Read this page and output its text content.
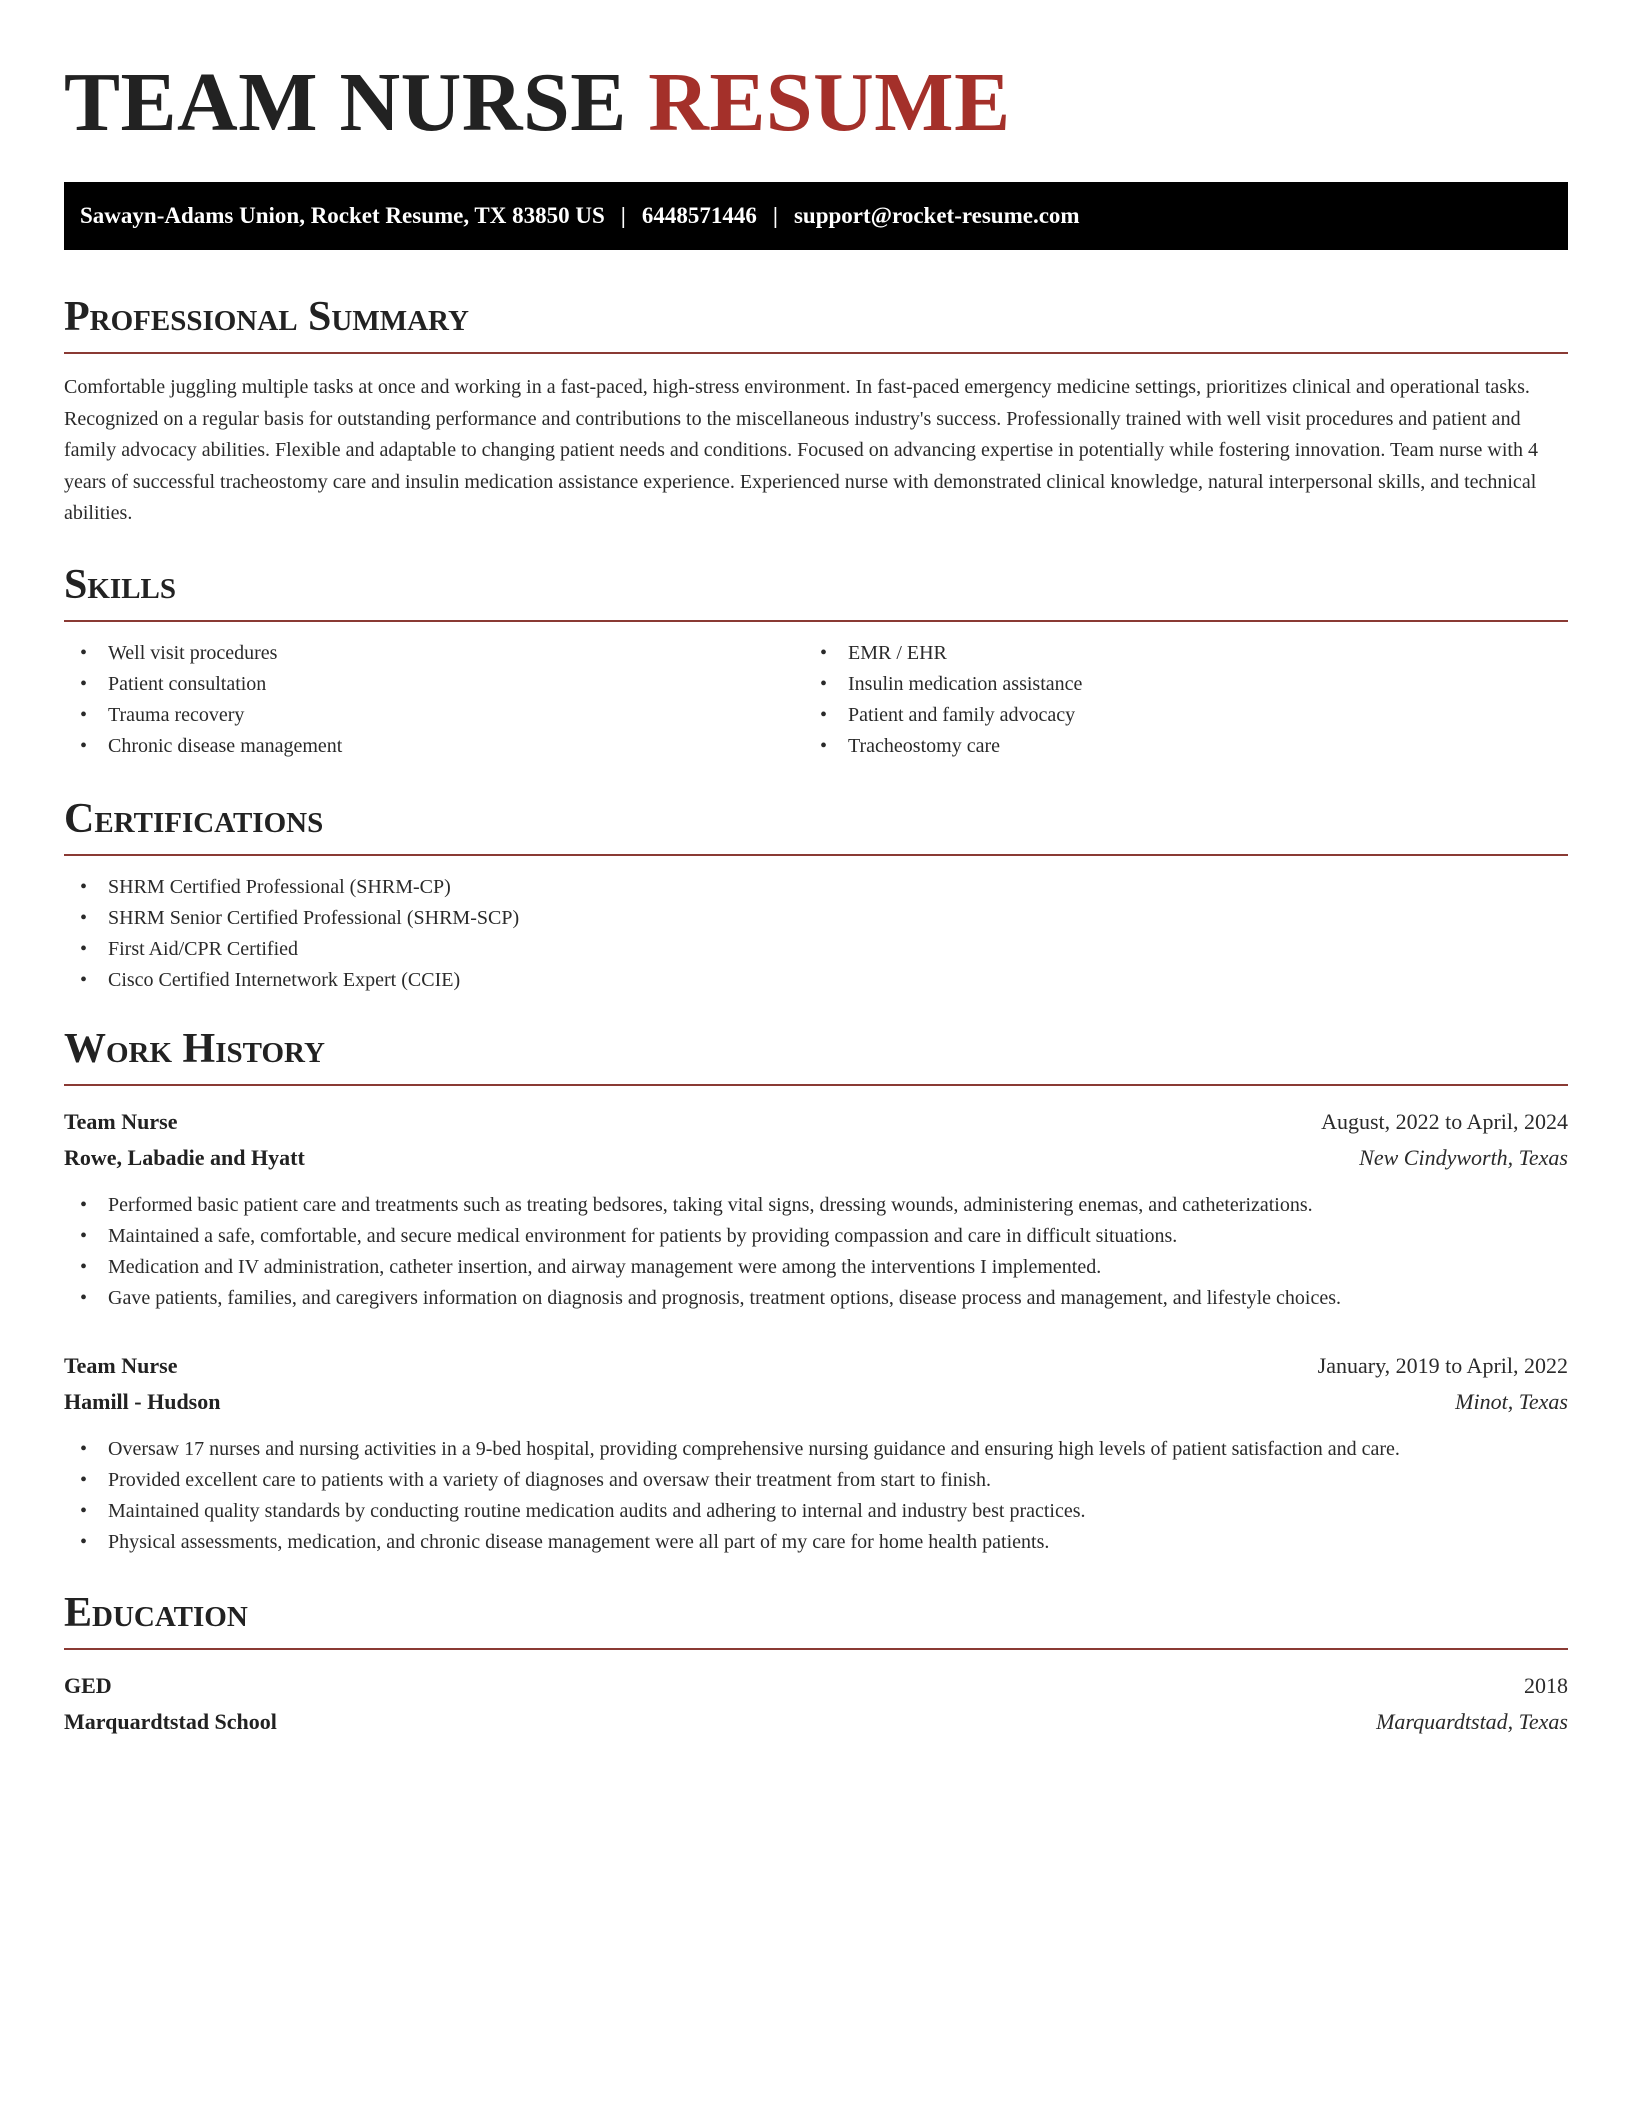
TEAM NURSE RESUME
Sawayn-Adams Union, Rocket Resume, TX 83850 US | 6448571446 | support@rocket-resume.com
Professional Summary

Comfortable juggling multiple tasks at once and working in a fast-paced, high-stress environment. In fast-paced emergency medicine settings, prioritizes clinical and operational tasks. Recognized on a regular basis for outstanding performance and contributions to the miscellaneous industry's success. Professionally trained with well visit procedures and patient and family advocacy abilities. Flexible and adaptable to changing patient needs and conditions. Focused on advancing expertise in potentially while fostering innovation. Team nurse with 4 years of successful tracheostomy care and insulin medication assistance experience. Experienced nurse with demonstrated clinical knowledge, natural interpersonal skills, and technical abilities.

Skills
• Well visit procedures
• Patient consultation
• Trauma recovery
• Chronic disease management
• EMR / EHR
• Insulin medication assistance
• Patient and family advocacy
• Tracheostomy care
Certifications
• SHRM Certified Professional (SHRM-CP)
• SHRM Senior Certified Professional (SHRM-SCP)
• First Aid/CPR Certified
• Cisco Certified Internetwork Expert (CCIE)
Work History
Team Nurse	August, 2022 to April, 2024
Rowe, Labadie and Hyatt	New Cindyworth, Texas
• Performed basic patient care and treatments such as treating bedsores, taking vital signs, dressing wounds, administering enemas, and catheterizations.
• Maintained a safe, comfortable, and secure medical environment for patients by providing compassion and care in difficult situations.
• Medication and IV administration, catheter insertion, and airway management were among the interventions I implemented.
• Gave patients, families, and caregivers information on diagnosis and prognosis, treatment options, disease process and management, and lifestyle choices.
Team Nurse	January, 2019 to April, 2022
Hamill - Hudson	Minot, Texas
• Oversaw 17 nurses and nursing activities in a 9-bed hospital, providing comprehensive nursing guidance and ensuring high levels of patient satisfaction and care.
• Provided excellent care to patients with a variety of diagnoses and oversaw their treatment from start to finish.
• Maintained quality standards by conducting routine medication audits and adhering to internal and industry best practices.
• Physical assessments, medication, and chronic disease management were all part of my care for home health patients.
Education
GED	2018
Marquardtstad School	Marquardtstad, Texas
